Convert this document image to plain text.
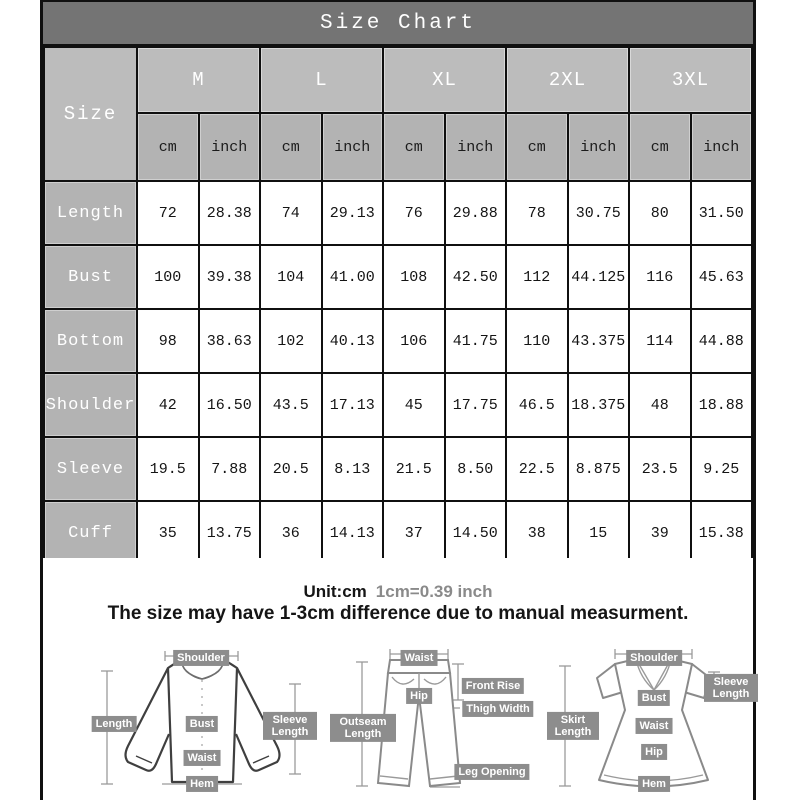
Size Chart
Size	M		L		XL		2XL		3XL	
	cm	inch	cm	inch	cm	inch	cm	inch	cm	inch
Length	72	28.38	74	29.13	76	29.88	78	30.75	80	31.50
Bust	100	39.38	104	41.00	108	42.50	112	44.125	116	45.63
Bottom	98	38.63	102	40.13	106	41.75	110	43.375	114	44.88
Shoulder	42	16.50	43.5	17.13	45	17.75	46.5	18.375	48	18.88
Sleeve	19.5	7.88	20.5	8.13	21.5	8.50	22.5	8.875	23.5	9.25
Cuff	35	13.75	36	14.13	37	14.50	38	15	39	15.38
Unit:cm 1cm=0.39 inch
The size may have 1-3cm difference due to manual measurment.
Shoulder
Length	Bust
Waist
Hem
Sleeve Length
Waist
Front Rise
Hip
Thigh Width
Outseam Length
Leg Opening
Shoulder
Sleeve Length
Bust
Skirt Length
Waist
Hip
Hem
